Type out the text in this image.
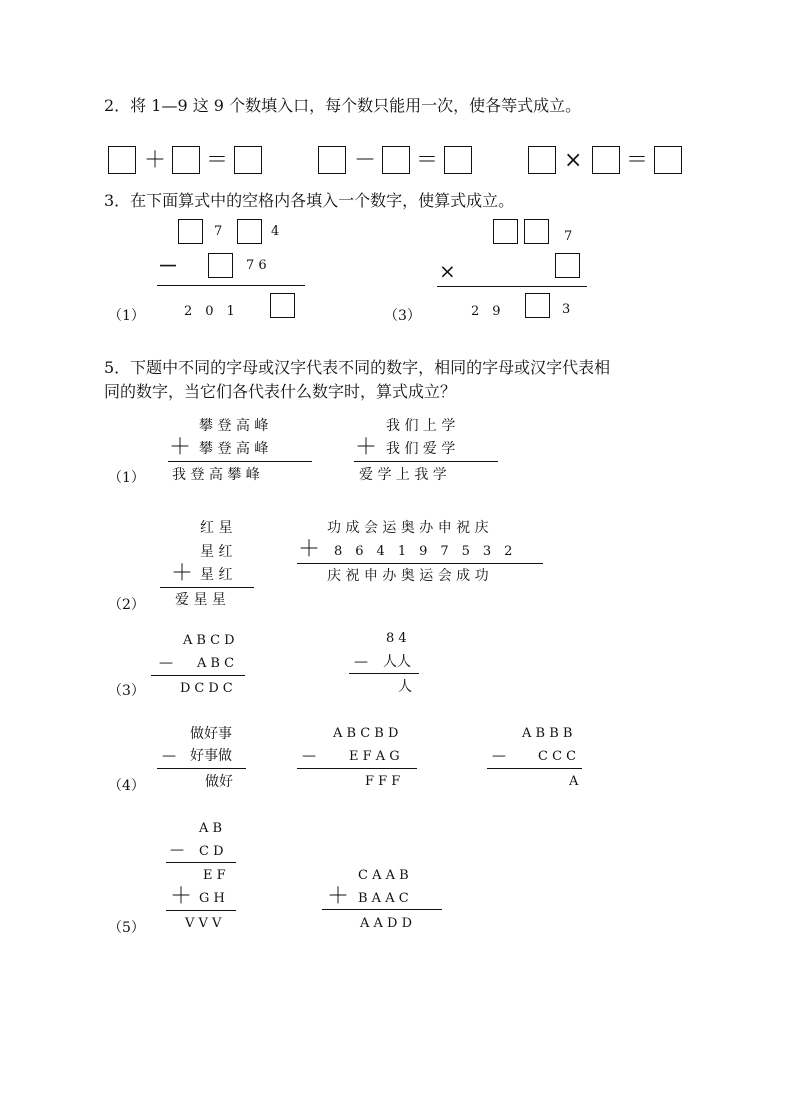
2．将 1—9 这 9 个数填入口，每个数只能用一次，使各等式成立。
＋ ＝	－ ＝	× ＝
3．在下面算式中的空格内各填入一个数字，使算式成立。
7	4
－	7 6
（1）	2　0　1
7
×
（3）	2　9	3
5．下题中不同的字母或汉字代表不同的数字，相同的字母或汉字代表相
同的数字，当它们各代表什么数字时，算式成立？
（1）
攀 登 高 峰
＋ 攀 登 高 峰
我 登 高 攀 峰
我 们 上 学
＋ 我 们 爱 学
爱 学 上 我 学
（2）
红 星
星 红
＋ 星 红
爱 星 星
功 成 会 运 奥 办 申 祝 庆
＋ 8　6　4　1　9　7　5　3　2
庆 祝 申 办 奥 运 会 成 功
（3）
ABCD
— ABC
DCDC
8 4
— 人人
人
（4）
做好事
— 好事做
做好
A B C B D
—	E F A G
F F F
A B B B
— C C C
A
（5）
A B
— C D
E F
＋ G H
V V V
C A A B
＋ B A A C
A A D D
